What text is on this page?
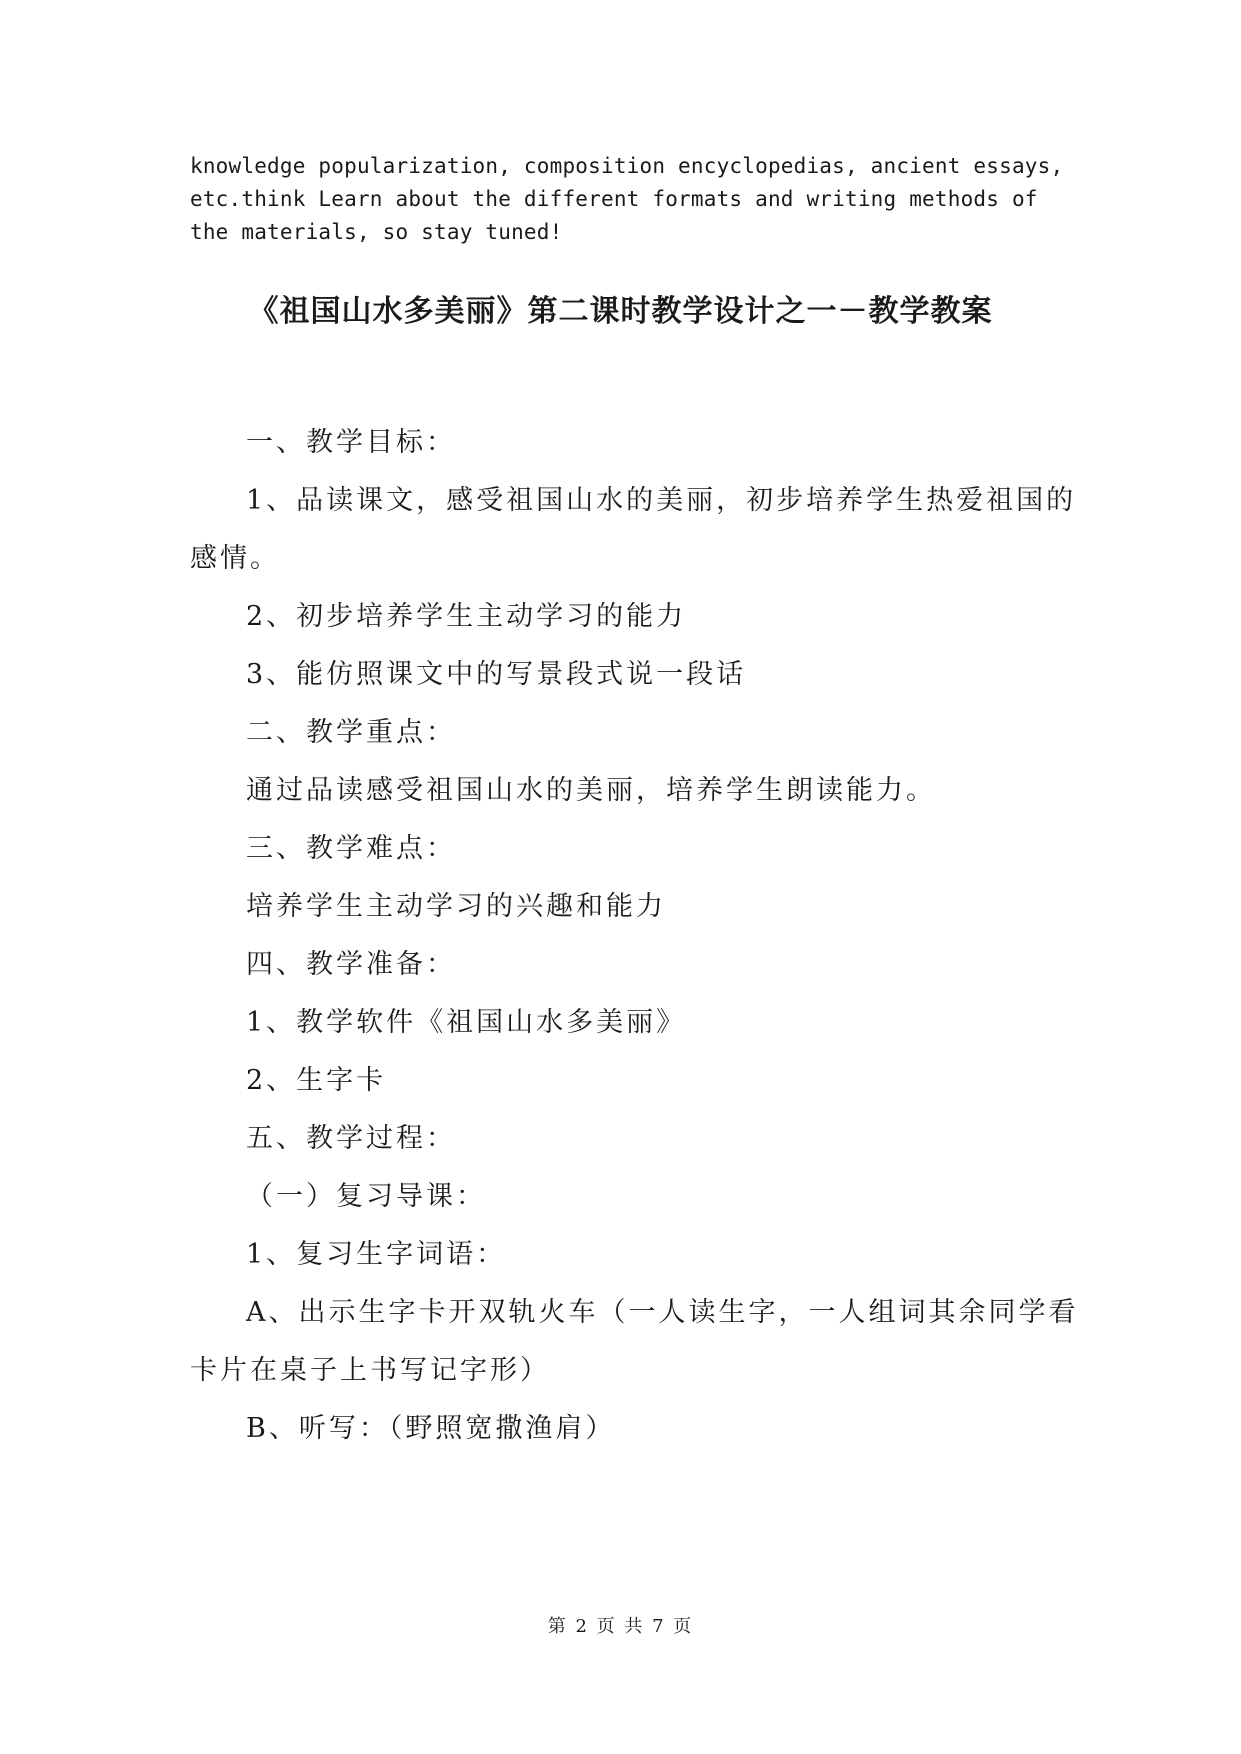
knowledge popularization, composition encyclopedias, ancient essays,
etc.think Learn about the different formats and writing methods of
the materials, so stay tuned!
《祖国山水多美丽》第二课时教学设计之一－教学教案
一、教学目标：
1、品读课文，感受祖国山水的美丽，初步培养学生热爱祖国的
感情。
2、初步培养学生主动学习的能力
3、能仿照课文中的写景段式说一段话
二、教学重点：
通过品读感受祖国山水的美丽，培养学生朗读能力。
三、教学难点：
培养学生主动学习的兴趣和能力
四、教学准备：
1、教学软件《祖国山水多美丽》
2、生字卡
五、教学过程：
（一）复习导课：
1、复习生字词语：
A、出示生字卡开双轨火车（一人读生字，一人组词其余同学看
卡片在桌子上书写记字形）
B、听写：（野照宽撒渔肩）
第 2 页 共 7 页
